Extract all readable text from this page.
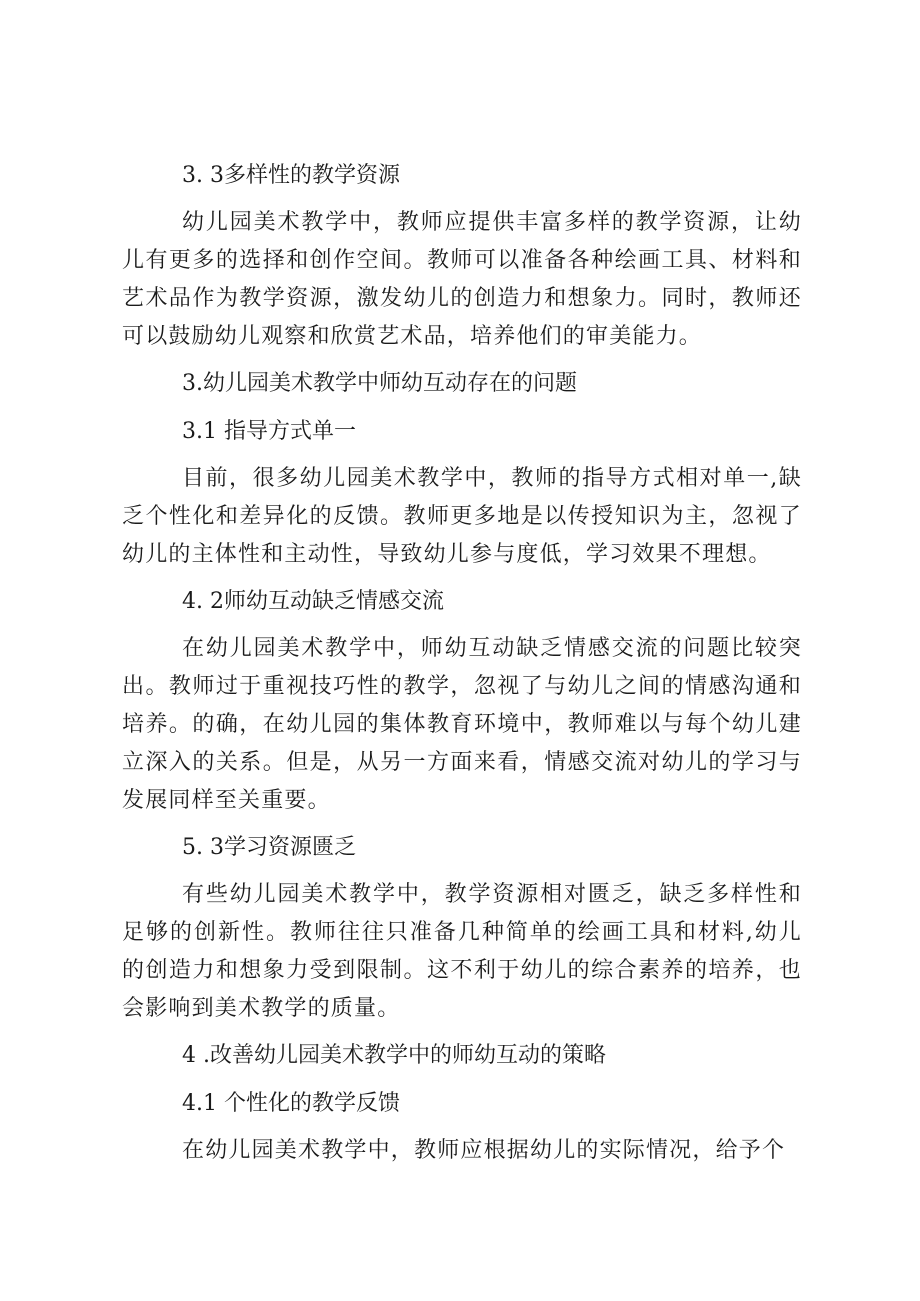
3. 3多样性的教学资源

幼儿园美术教学中，教师应提供丰富多样的教学资源，让幼儿有更多的选择和创作空间。教师可以准备各种绘画工具、材料和艺术品作为教学资源，激发幼儿的创造力和想象力。同时，教师还可以鼓励幼儿观察和欣赏艺术品，培养他们的审美能力。

3.幼儿园美术教学中师幼互动存在的问题

3.1 指导方式单一

目前，很多幼儿园美术教学中，教师的指导方式相对单一,缺乏个性化和差异化的反馈。教师更多地是以传授知识为主，忽视了幼儿的主体性和主动性，导致幼儿参与度低，学习效果不理想。

4. 2师幼互动缺乏情感交流

在幼儿园美术教学中，师幼互动缺乏情感交流的问题比较突出。教师过于重视技巧性的教学，忽视了与幼儿之间的情感沟通和培养。的确，在幼儿园的集体教育环境中，教师难以与每个幼儿建立深入的关系。但是，从另一方面来看，情感交流对幼儿的学习与发展同样至关重要。

5. 3学习资源匮乏

有些幼儿园美术教学中，教学资源相对匮乏，缺乏多样性和足够的创新性。教师往往只准备几种简单的绘画工具和材料,幼儿的创造力和想象力受到限制。这不利于幼儿的综合素养的培养，也会影响到美术教学的质量。

4 .改善幼儿园美术教学中的师幼互动的策略

4.1 个性化的教学反馈

在幼儿园美术教学中，教师应根据幼儿的实际情况，给予个
